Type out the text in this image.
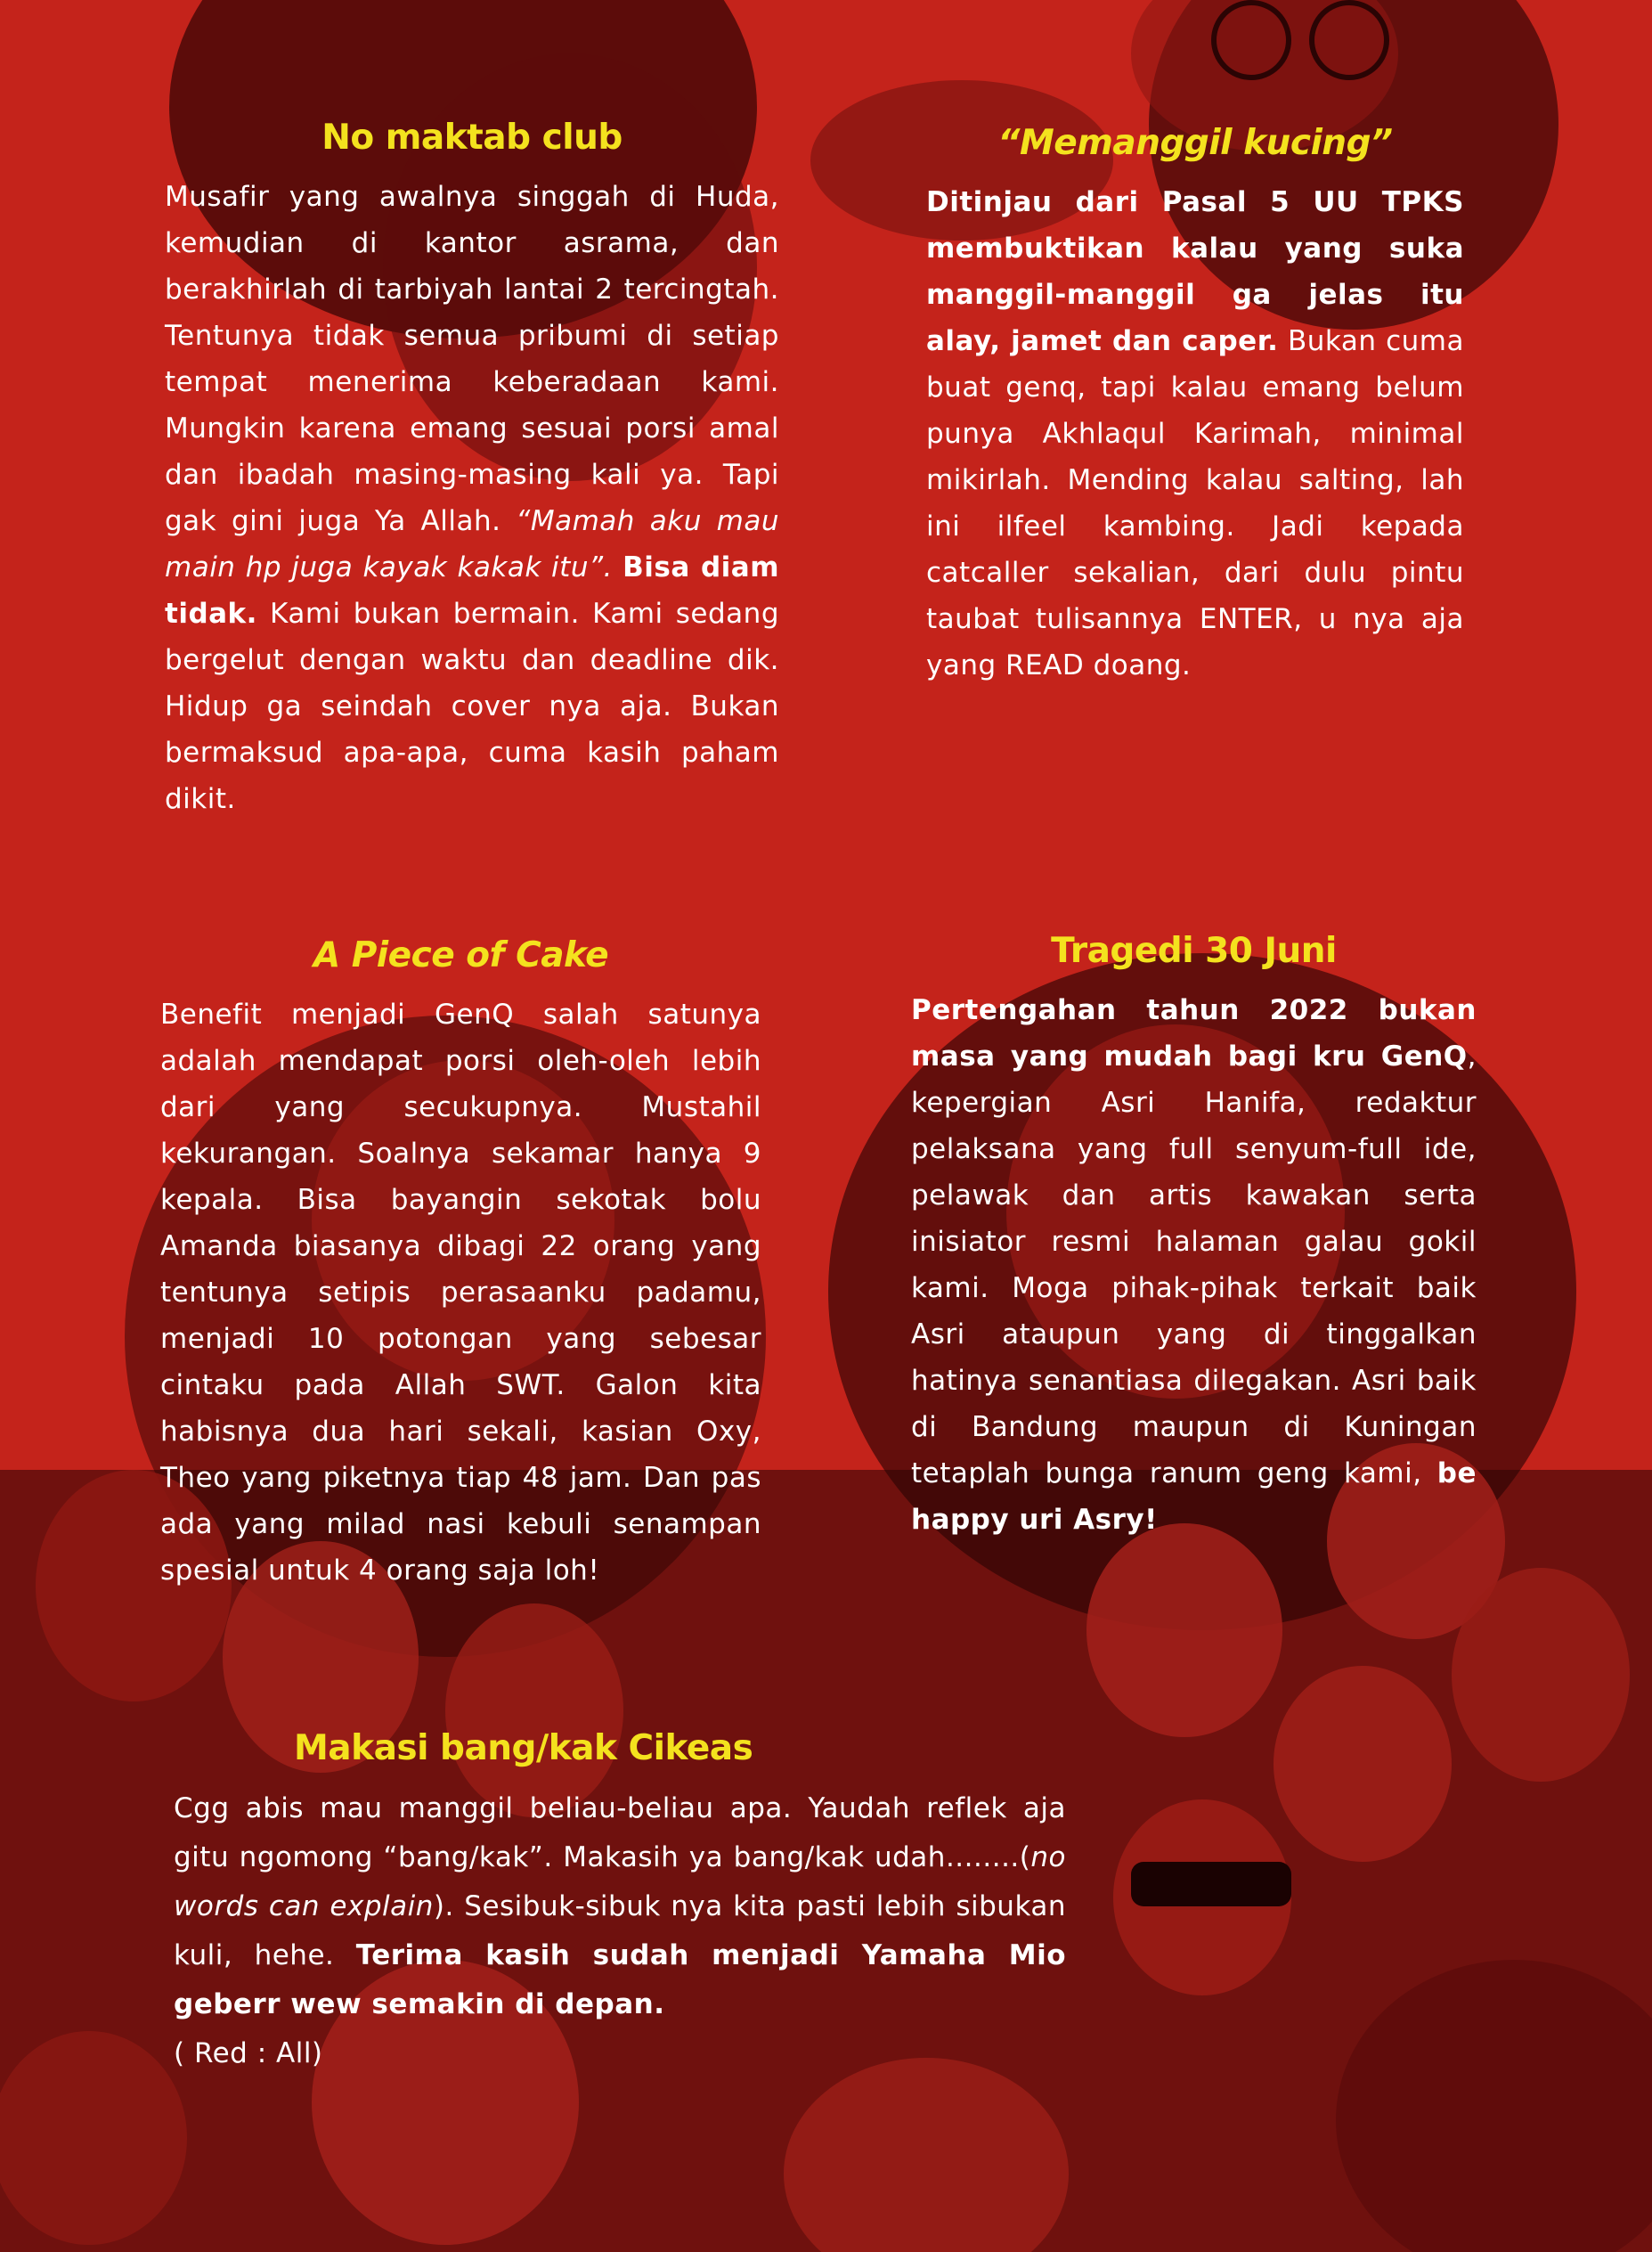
No maktab club

Musafir yang awalnya singgah di Huda, kemudian di kantor asrama, dan berakhirlah di tarbiyah lantai 2 tercingtah. Tentunya tidak semua pribumi di setiap tempat menerima keberadaan kami. Mungkin karena emang sesuai porsi amal dan ibadah masing-masing kali ya. Tapi gak gini juga Ya Allah. “Mamah aku mau main hp juga kayak kakak itu”. Bisa diam tidak. Kami bukan bermain. Kami sedang bergelut dengan waktu dan deadline dik. Hidup ga seindah cover nya aja. Bukan bermaksud apa-apa, cuma kasih paham dikit.

“Memanggil kucing”

Ditinjau dari Pasal 5 UU TPKS membuktikan kalau yang suka manggil-manggil ga jelas itu alay, jamet dan caper. Bukan cuma buat genq, tapi kalau emang belum punya Akhlaqul Karimah, minimal mikirlah. Mending kalau salting, lah ini ilfeel kambing. Jadi kepada catcaller sekalian, dari dulu pintu taubat tulisannya ENTER, u nya aja yang READ doang.

A Piece of Cake

Benefit menjadi GenQ salah satunya adalah mendapat porsi oleh-oleh lebih dari yang secukupnya. Mustahil kekurangan. Soalnya sekamar hanya 9 kepala. Bisa bayangin sekotak bolu Amanda biasanya dibagi 22 orang yang tentunya setipis perasaanku padamu, menjadi 10 potongan yang sebesar cintaku pada Allah SWT. Galon kita habisnya dua hari sekali, kasian Oxy, Theo yang piketnya tiap 48 jam. Dan pas ada yang milad nasi kebuli senampan spesial untuk 4 orang saja loh!

Tragedi 30 Juni

Pertengahan tahun 2022 bukan masa yang mudah bagi kru GenQ, kepergian Asri Hanifa, redaktur pelaksana yang full senyum-full ide, pelawak dan artis kawakan serta inisiator resmi halaman galau gokil kami. Moga pihak-pihak terkait baik Asri ataupun yang di tinggalkan hatinya senantiasa dilegakan. Asri baik di Bandung maupun di Kuningan tetaplah bunga ranum geng kami, be happy uri Asry!

Makasi bang/kak Cikeas

Cgg abis mau manggil beliau-beliau apa. Yaudah reflek aja gitu ngomong “bang/kak”. Makasih ya bang/kak udah........(no words can explain). Sesibuk-sibuk nya kita pasti lebih sibukan kuli, hehe. Terima kasih sudah menjadi Yamaha Mio geberr wew semakin di depan.
( Red : All)
